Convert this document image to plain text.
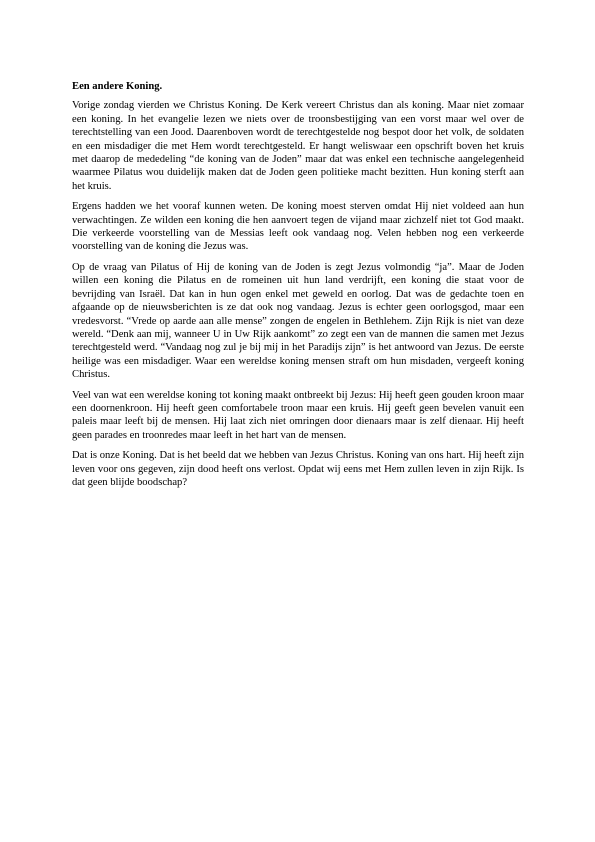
Een andere Koning.

Vorige zondag vierden we Christus Koning. De Kerk vereert Christus dan als koning. Maar niet zomaar een koning. In het evangelie lezen we niets over de troonsbestijging van een vorst maar wel over de terechtstelling van een Jood. Daarenboven wordt de terechtgestelde nog bespot door het volk, de soldaten en een misdadiger die met Hem wordt terechtgesteld. Er hangt weliswaar een opschrift boven het kruis met daarop de mededeling “de koning van de Joden” maar dat was enkel een technische aangelegenheid waarmee Pilatus wou duidelijk maken dat de Joden geen politieke macht bezitten. Hun koning sterft aan het kruis.

Ergens hadden we het vooraf kunnen weten. De koning moest sterven omdat Hij niet voldeed aan hun verwachtingen. Ze wilden een koning die hen aanvoert tegen de vijand maar zichzelf niet tot God maakt. Die verkeerde voorstelling van de Messias leeft ook vandaag nog. Velen hebben nog een verkeerde voorstelling van de koning die Jezus was.

Op de vraag van Pilatus of Hij de koning van de Joden is zegt Jezus volmondig “ja”. Maar de Joden willen een koning die Pilatus en de romeinen uit hun land verdrijft, een koning die staat voor de bevrijding van Israël. Dat kan in hun ogen enkel met geweld en oorlog. Dat was de gedachte toen en afgaande op de nieuwsberichten is ze dat ook nog vandaag. Jezus is echter geen oorlogsgod, maar een vredesvorst. “Vrede op aarde aan alle mense” zongen de engelen in Bethlehem. Zijn Rijk is niet van deze wereld. “Denk aan mij, wanneer U in Uw Rijk aankomt” zo zegt een van de mannen die samen met Jezus terechtgesteld werd. “Vandaag nog zul je bij mij in het Paradijs zijn” is het antwoord van Jezus. De eerste heilige was een misdadiger. Waar een wereldse koning mensen straft om hun misdaden, vergeeft koning Christus.

Veel van wat een wereldse koning tot koning maakt ontbreekt bij Jezus: Hij heeft geen gouden kroon maar een doornenkroon. Hij heeft geen comfortabele troon maar een kruis. Hij geeft geen bevelen vanuit een paleis maar leeft bij de mensen. Hij laat zich niet omringen door dienaars maar is zelf dienaar. Hij heeft geen parades en troonredes maar leeft in het hart van de mensen.

Dat is onze Koning. Dat is het beeld dat we hebben van Jezus Christus. Koning van ons hart. Hij heeft zijn leven voor ons gegeven, zijn dood heeft ons verlost. Opdat wij eens met Hem zullen leven in zijn Rijk. Is dat geen blijde boodschap?
